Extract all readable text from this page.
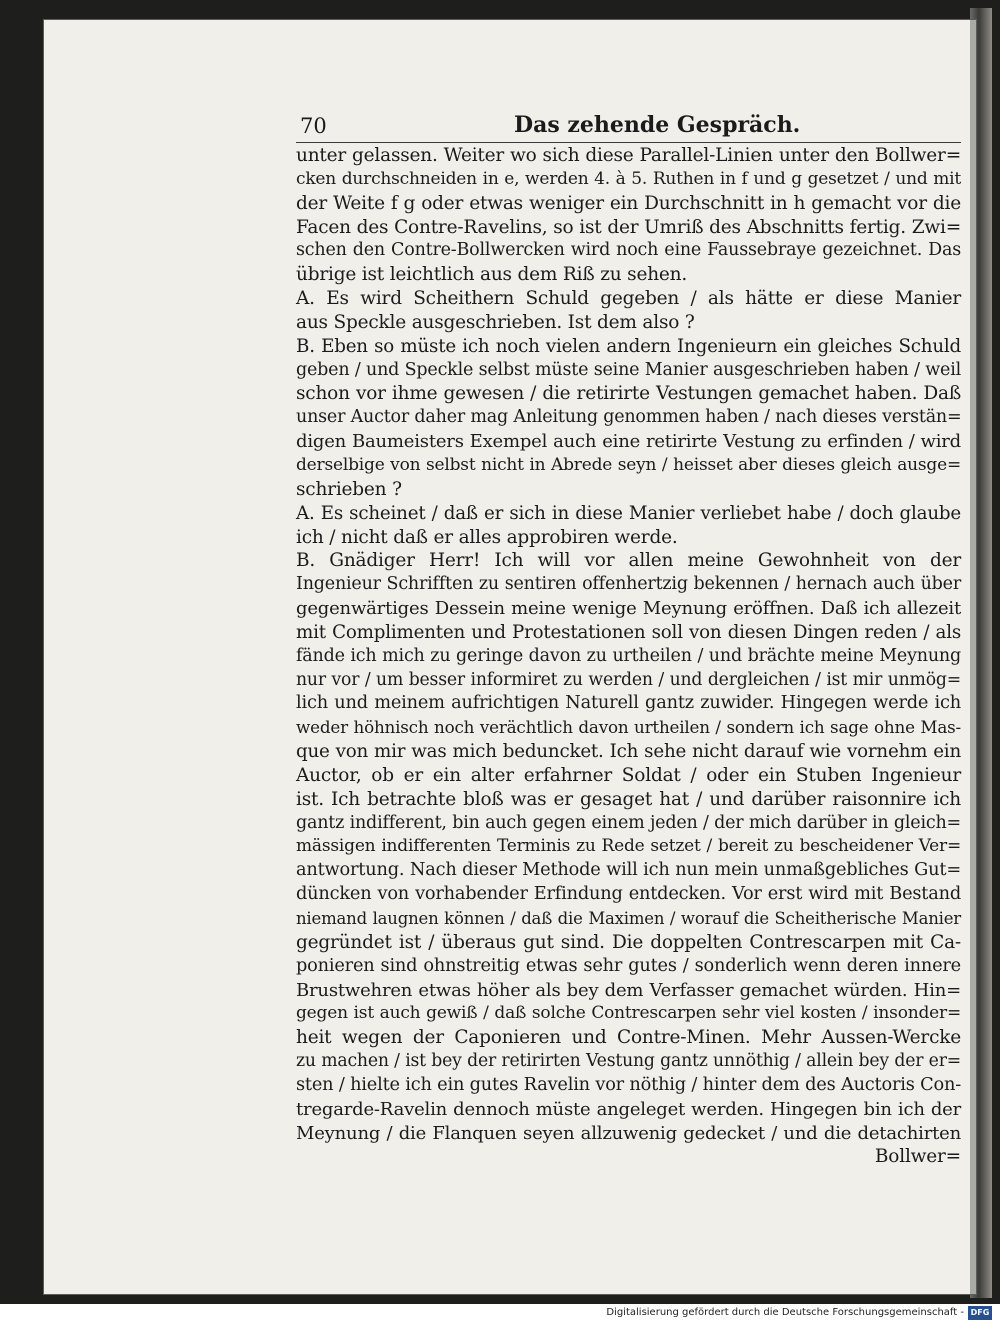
70	Das zehende Gespräch.
unter gelassen. Weiter wo sich diese Parallel-Linien unter den Bollwer=
cken durchschneiden in e, werden 4. à 5. Ruthen in f und g gesetzet / und mit
der Weite f g oder etwas weniger ein Durchschnitt in h gemacht vor die
Facen des Contre-Ravelins, so ist der Umriß des Abschnitts fertig. Zwi=
schen den Contre-Bollwercken wird noch eine Faussebraye gezeichnet. Das
übrige ist leichtlich aus dem Riß zu sehen.
A. Es wird Scheithern Schuld gegeben / als hätte er diese Manier
aus Speckle ausgeschrieben. Ist dem also ?
B. Eben so müste ich noch vielen andern Ingenieurn ein gleiches Schuld
geben / und Speckle selbst müste seine Manier ausgeschrieben haben / weil
schon vor ihme gewesen / die retirirte Vestungen gemachet haben. Daß
unser Auctor daher mag Anleitung genommen haben / nach dieses verstän=
digen Baumeisters Exempel auch eine retirirte Vestung zu erfinden / wird
derselbige von selbst nicht in Abrede seyn / heisset aber dieses gleich ausge=
schrieben ?
A. Es scheinet / daß er sich in diese Manier verliebet habe / doch glaube
ich / nicht daß er alles approbiren werde.
B. Gnädiger Herr! Ich will vor allen meine Gewohnheit von der
Ingenieur Schrifften zu sentiren offenhertzig bekennen / hernach auch über
gegenwärtiges Dessein meine wenige Meynung eröffnen. Daß ich allezeit
mit Complimenten und Protestationen soll von diesen Dingen reden / als
fände ich mich zu geringe davon zu urtheilen / und brächte meine Meynung
nur vor / um besser informiret zu werden / und dergleichen / ist mir unmög=
lich und meinem aufrichtigen Naturell gantz zuwider. Hingegen werde ich
weder höhnisch noch verächtlich davon urtheilen / sondern ich sage ohne Mas-
que von mir was mich beduncket. Ich sehe nicht darauf wie vornehm ein
Auctor, ob er ein alter erfahrner Soldat / oder ein Stuben Ingenieur
ist. Ich betrachte bloß was er gesaget hat / und darüber raisonnire ich
gantz indifferent, bin auch gegen einem jeden / der mich darüber in gleich=
mässigen indifferenten Terminis zu Rede setzet / bereit zu bescheidener Ver=
antwortung. Nach dieser Methode will ich nun mein unmaßgebliches Gut=
düncken von vorhabender Erfindung entdecken. Vor erst wird mit Bestand
niemand laugnen können / daß die Maximen / worauf die Scheitherische Manier
gegründet ist / überaus gut sind. Die doppelten Contrescarpen mit Ca-
ponieren sind ohnstreitig etwas sehr gutes / sonderlich wenn deren innere
Brustwehren etwas höher als bey dem Verfasser gemachet würden. Hin=
gegen ist auch gewiß / daß solche Contrescarpen sehr viel kosten / insonder=
heit wegen der Caponieren und Contre-Minen. Mehr Aussen-Wercke
zu machen / ist bey der retirirten Vestung gantz unnöthig / allein bey der er=
sten / hielte ich ein gutes Ravelin vor nöthig / hinter dem des Auctoris Con-
tregarde-Ravelin dennoch müste angeleget werden. Hingegen bin ich der
Meynung / die Flanquen seyen allzuwenig gedecket / und die detachirten
Bollwer=
Digitalisierung gefördert durch die Deutsche Forschungsgemeinschaft - DFG
